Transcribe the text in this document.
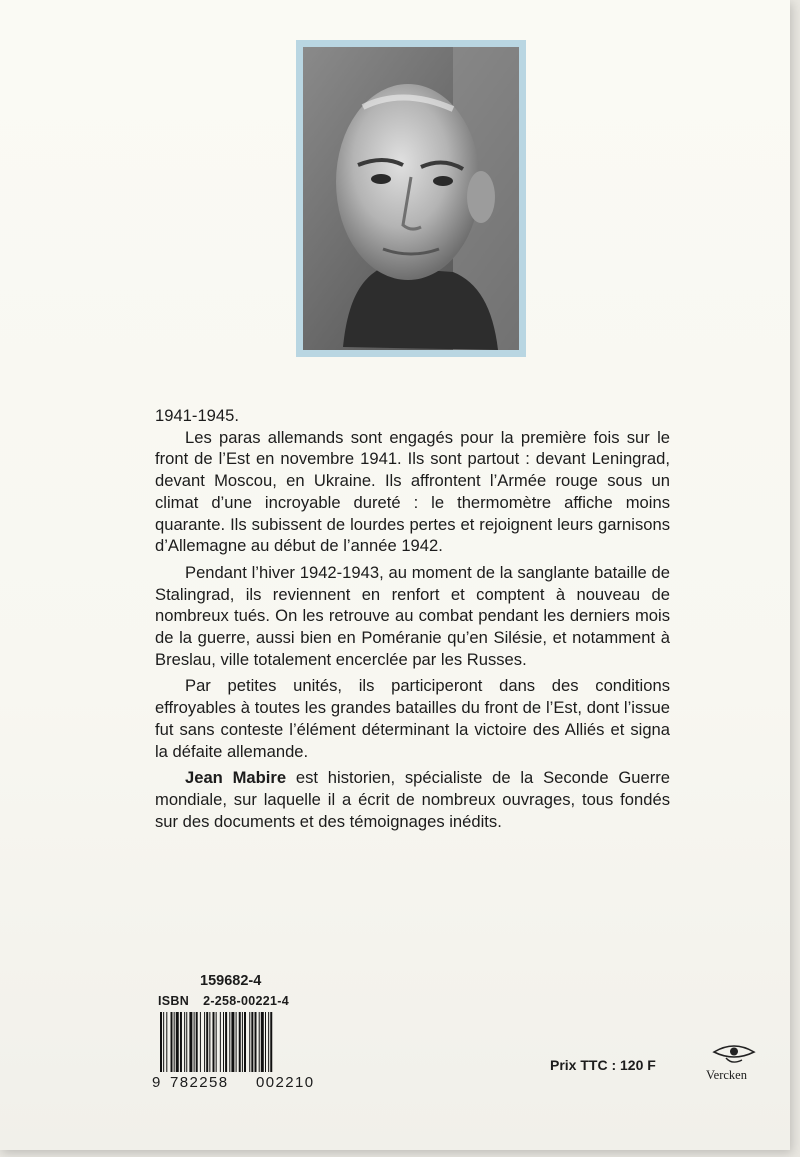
1941-1945.

Les paras allemands sont engagés pour la première fois sur le front de l’Est en novembre 1941. Ils sont partout : devant Leningrad, devant Moscou, en Ukraine. Ils affrontent l’Armée rouge sous un climat d’une incroyable dureté : le thermomètre affiche moins quarante. Ils subissent de lourdes pertes et rejoignent leurs garnisons d’Allemagne au début de l’année 1942.

Pendant l’hiver 1942-1943, au moment de la sanglante bataille de Stalingrad, ils reviennent en renfort et comptent à nouveau de nombreux tués. On les retrouve au combat pendant les derniers mois de la guerre, aussi bien en Poméranie qu’en Silésie, et notamment à Breslau, ville totalement encerclée par les Russes.

Par petites unités, ils participeront dans des conditions effroyables à toutes les grandes batailles du front de l’Est, dont l’issue fut sans conteste l’élément déterminant la victoire des Alliés et signa la défaite allemande.

Jean Mabire est historien, spécialiste de la Seconde Guerre mondiale, sur laquelle il a écrit de nombreux ouvrages, tous fondés sur des documents et des témoignages inédits.

159682-4
ISBN 2-258-00221-4
9 782258 002210
Prix TTC : 120 F
Vercken
